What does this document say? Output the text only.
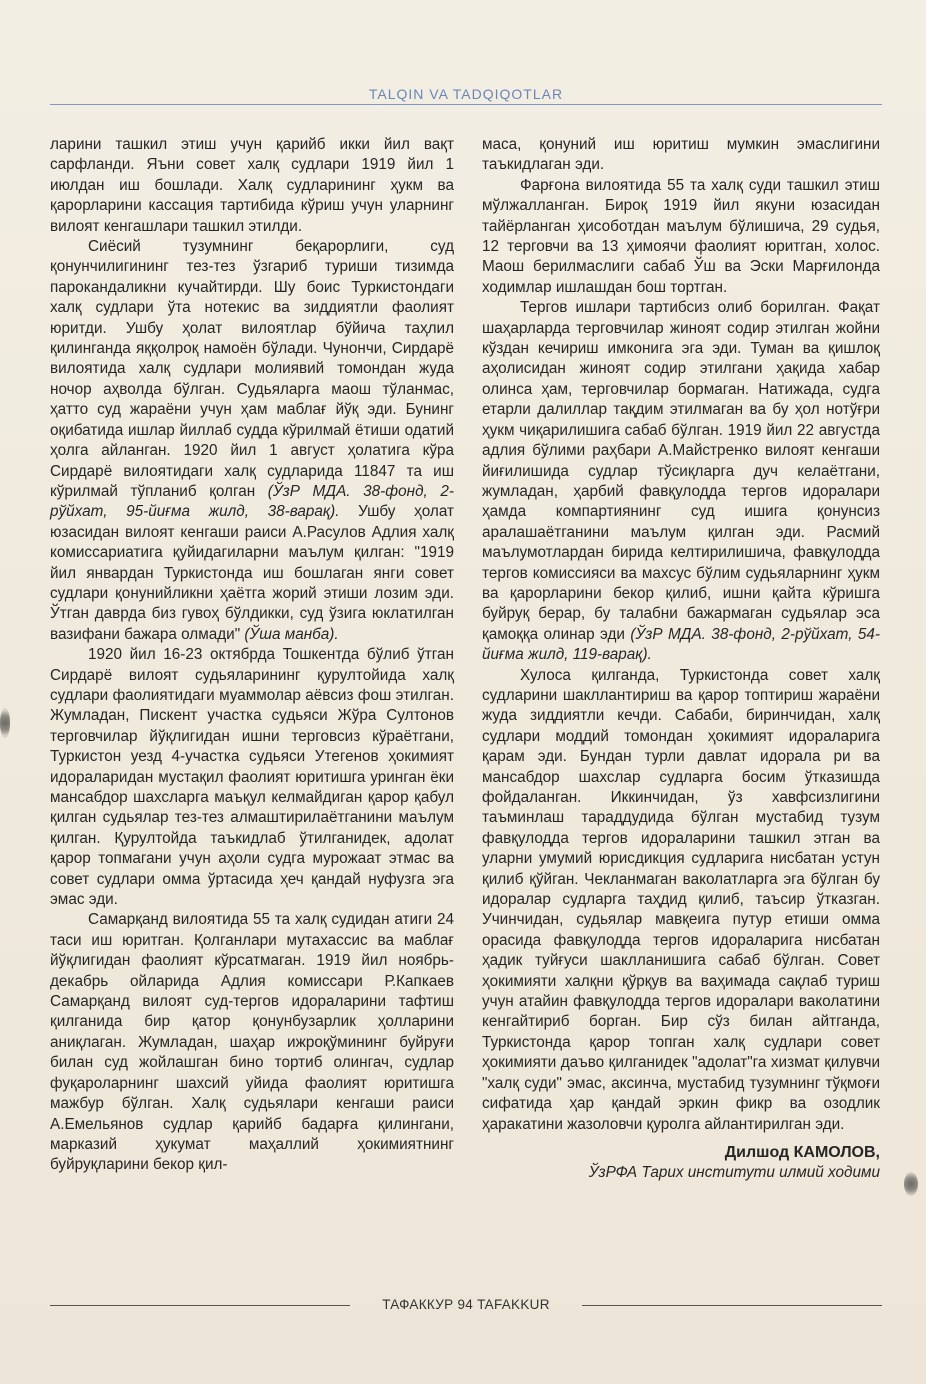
TALQIN VA TADQIQOTLAR

ларини ташкил этиш учун қарийб икки йил вақт сарфланди. Яъни совет халқ судлари 1919 йил 1 июлдан иш бошлади. Халқ судларининг ҳукм ва қарорларини кассация тартибида кўриш учун уларнинг вилоят кенгашлари ташкил этилди.

Сиёсий тузумнинг беқарорлиги, суд қонунчилигининг тез-тез ўзгариб туриши тизимда парокандаликни кучайтирди. Шу боис Туркистондаги халқ судлари ўта нотекис ва зиддиятли фаолият юритди. Ушбу ҳолат вилоятлар бўйича таҳлил қилинганда яққолроқ намоён бўлади. Чунончи, Сирдарё вилоятида халқ судлари молиявий томондан жуда ночор аҳволда бўлган. Судьяларга маош тўланмас, ҳатто суд жараёни учун ҳам маблағ йўқ эди. Бунинг оқибатида ишлар йиллаб судда кўрилмай ётиши одатий ҳолга айланган. 1920 йил 1 август ҳолатига кўра Сирдарё вилоятидаги халқ судларида 11847 та иш кўрилмай тўпланиб қолган (ЎзР МДА. 38-фонд, 2-рўйхат, 95-йиғма жилд, 38-варақ). Ушбу ҳолат юзасидан вилоят кенгаши раиси А.Расулов Адлия халқ комиссариатига қуйидагиларни маълум қилган: "1919 йил январдан Туркистонда иш бошлаган янги совет судлари қонунийликни ҳаётга жорий этиши лозим эди. Ўтган даврда биз гувоҳ бўлдикки, суд ўзига юклатилган вазифани бажара олмади" (Ўша манба).

1920 йил 16-23 октябрда Тошкентда бўлиб ўтган Сирдарё вилоят судьяларининг қурултойида халқ судлари фаолиятидаги муаммолар аёвсиз фош этилган. Жумладан, Пискент участка судьяси Жўра Султонов терговчилар йўқлигидан ишни терговсиз кўраётгани, Туркистон уезд 4-участка судьяси Утегенов ҳокимият идораларидан мустақил фаолият юритишга уринган ёки мансабдор шахсларга маъқул келмайдиган қарор қабул қилган судьялар тез-тез алмаштирилаётганини маълум қилган. Қурултойда таъкидлаб ўтилганидек, адолат қарор топмагани учун аҳоли судга мурожаат этмас ва совет судлари омма ўртасида ҳеч қандай нуфузга эга эмас эди.

Самарқанд вилоятида 55 та халқ судидан атиги 24 таси иш юритган. Қолганлари мутахассис ва маблағ йўқлигидан фаолият кўрсатмаган. 1919 йил ноябрь-декабрь ойларида Адлия комиссари Р.Капкаев Самарқанд вилоят суд-тергов идораларини тафтиш қилганида бир қатор қонунбузарлик ҳолларини аниқлаган. Жумладан, шаҳар ижроқўмининг буйруғи билан суд жойлашган бино тортиб олингач, судлар фуқароларнинг шахсий уйида фаолият юритишга мажбур бўлган. Халқ судьялари кенгаши раиси А.Емельянов судлар қарийб бадарға қилингани, марказий ҳукумат маҳаллий ҳокимиятнинг буйруқларини бекор қил-

маса, қонуний иш юритиш мумкин эмаслигини таъкидлаган эди.

Фарғона вилоятида 55 та халқ суди ташкил этиш мўлжалланган. Бироқ 1919 йил якуни юзасидан тайёрланган ҳисоботдан маълум бўлишича, 29 судья, 12 терговчи ва 13 ҳимоячи фаолият юритган, холос. Маош берилмаслиги сабаб Ўш ва Эски Марғилонда ходимлар ишлашдан бош тортган.

Тергов ишлари тартибсиз олиб борилган. Фақат шаҳарларда терговчилар жиноят содир этилган жойни кўздан кечириш имконига эга эди. Туман ва қишлоқ аҳолисидан жиноят содир этилгани ҳақида хабар олинса ҳам, терговчилар бормаган. Натижада, судга етарли далиллар тақдим этилмаган ва бу ҳол нотўғри ҳукм чиқарилишига сабаб бўлган. 1919 йил 22 августда адлия бўлими раҳбари А.Майстренко вилоят кенгаши йиғилишида судлар тўсиқларга дуч келаётгани, жумладан, ҳарбий фавқулодда тергов идоралари ҳамда компартиянинг суд ишига қонунсиз аралашаётганини маълум қилган эди. Расмий маълумотлардан бирида келтирилишича, фавқулодда тергов комиссияси ва махсус бўлим судьяларнинг ҳукм ва қарорларини бекор қилиб, ишни қайта кўришга буйруқ берар, бу талабни бажармаган судьялар эса қамоққа олинар эди (ЎзР МДА. 38-фонд, 2-рўйхат, 54-йиғма жилд, 119-варақ).

Хулоса қилганда, Туркистонда совет халқ судларини шакллантириш ва қарор топтириш жараёни жуда зиддиятли кечди. Сабаби, биринчидан, халқ судлари моддий томондан ҳокимият идораларига қарам эди. Бундан турли давлат идорала ри ва мансабдор шахслар судларга босим ўтказишда фойдаланган. Иккинчидан, ўз хавфсизлигини таъминлаш тараддудида бўлган мустабид тузум фавқулодда тергов идораларини ташкил этган ва уларни умумий юрисдикция судларига нисбатан устун қилиб қўйган. Чекланмаган ваколатларга эга бўлган бу идоралар судларга таҳдид қилиб, таъсир ўтказган. Учинчидан, судьялар мавқеига путур етиши омма орасида фавқулодда тергов идораларига нисбатан ҳадик туйғуси шаклланишига сабаб бўлган. Совет ҳокимияти халқни қўрқув ва ваҳимада сақлаб туриш учун атайин фавқулодда тергов идоралари ваколатини кенгайтириб борган. Бир сўз билан айтганда, Туркистонда қарор топган халқ судлари совет ҳокимияти даъво қилганидек "адолат"га хизмат қилувчи "халқ суди" эмас, аксинча, мустабид тузумнинг тўқмоғи сифатида ҳар қандай эркин фикр ва озодлик ҳаракатини жазоловчи қуролга айлантирилган эди.

Дилшод КАМОЛОВ,
ЎзРФА Тарих институти илмий ходими
ТАФАККУР 94 TAFAKKUR
